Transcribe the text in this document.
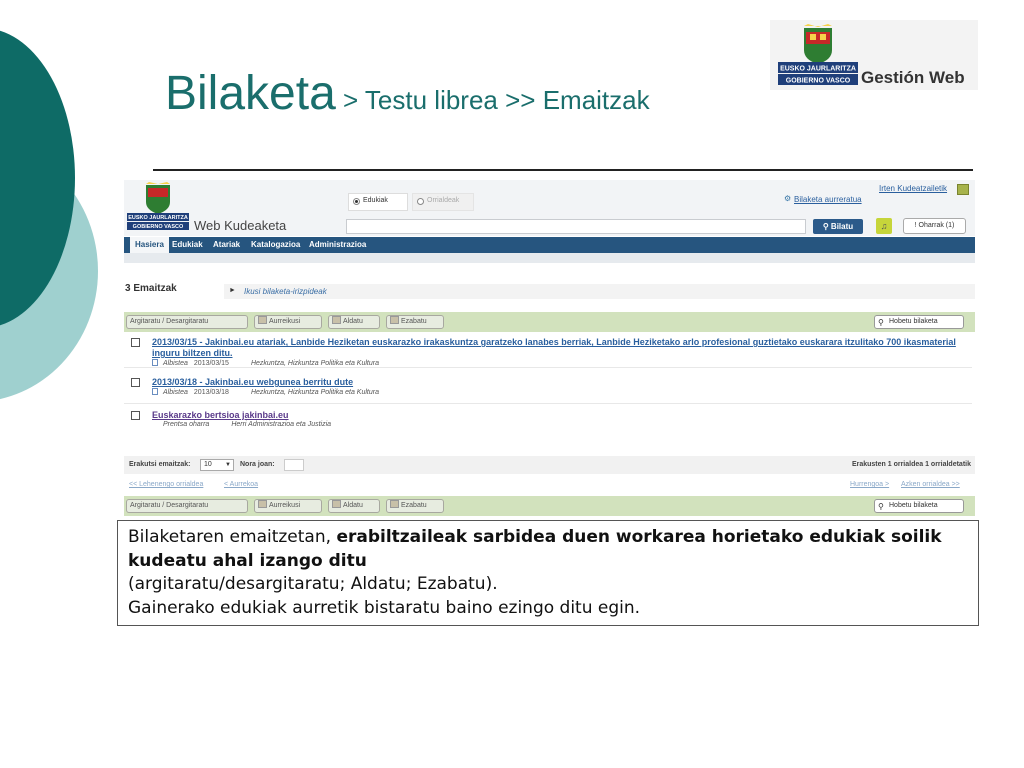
Bilaketa > Testu librea >> Emaitzak
EUSKO JAURLARITZA
GOBIERNO VASCO Gestión Web
EUSKO JAURLARITZA
GOBIERNO VASCO Web Kudeaketa
Edukiak	Orrialdeak	⚙ Bilaketa aurreratua
Irten Kudeatzailetik
⚲ Bilatu	♫	! Oharrak (1)
Hasiera	Edukiak Atariak Katalogazioa Administrazioa
3 Emaitzak	► Ikusi bilaketa-irizpideak
Argitaratu / Desargitaratu	Aurreikusi	Aldatu	Ezabatu	⚲ Hobetu bilaketa
2013/03/15 - Jakinbai.eu atariak, Lanbide Heziketan euskarazko irakaskuntza garatzeko lanabes berriak, Lanbide Heziketako arlo profesional guztietako euskarara itzulitako 700 ikasmaterial inguru biltzen ditu.
Albistea 2013/03/15	Hezkuntza, Hizkuntza Politika eta Kultura
2013/03/18 - Jakinbai.eu webgunea berritu dute
Albistea 2013/03/18	Hezkuntza, Hizkuntza Politika eta Kultura
Euskarazko bertsioa jakinbai.eu
Prentsa oharra	Herri Administrazioa eta Justizia
Erakutsi emaitzak:	10 ▼ Nora joan:	Erakusten 1 orrialdea 1 orrialdetatik
<< Lehenengo orrialdea	< Aurrekoa	Hurrengoa > Azken orrialdea >>
Argitaratu / Desargitaratu	Aurreikusi	Aldatu	Ezabatu	⚲ Hobetu bilaketa

Bilaketaren emaitzetan, erabiltzaileak sarbidea duen workarea horietako edukiak soilik kudeatu ahal izango ditu

(argitaratu/desargitaratu; Aldatu; Ezabatu).

Gainerako edukiak aurretik bistaratu baino ezingo ditu egin.
